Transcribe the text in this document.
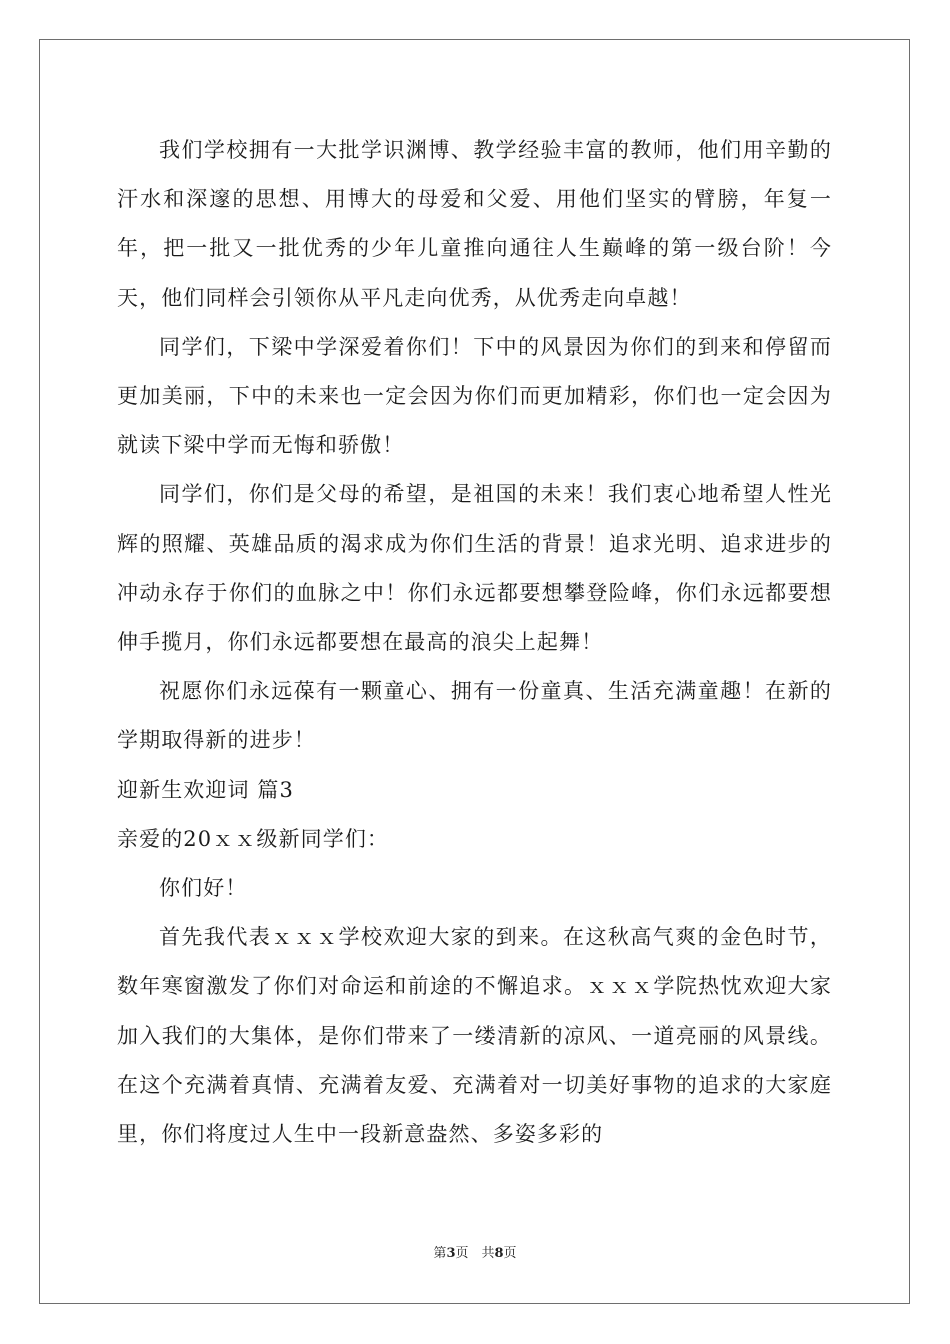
我们学校拥有一大批学识渊博、教学经验丰富的教师，他们用辛勤的汗水和深邃的思想、用博大的母爱和父爱、用他们坚实的臂膀，年复一年，把一批又一批优秀的少年儿童推向通往人生巅峰的第一级台阶！今天，他们同样会引领你从平凡走向优秀，从优秀走向卓越！

同学们，下梁中学深爱着你们！下中的风景因为你们的到来和停留而更加美丽，下中的未来也一定会因为你们而更加精彩，你们也一定会因为就读下梁中学而无悔和骄傲！

同学们，你们是父母的希望，是祖国的未来！我们衷心地希望人性光辉的照耀、英雄品质的渴求成为你们生活的背景！追求光明、追求进步的冲动永存于你们的血脉之中！你们永远都要想攀登险峰，你们永远都要想伸手揽月，你们永远都要想在最高的浪尖上起舞！

祝愿你们永远葆有一颗童心、拥有一份童真、生活充满童趣！在新的学期取得新的进步！

迎新生欢迎词 篇3

亲爱的20ｘｘ级新同学们：

你们好！

首先我代表ｘｘｘ学校欢迎大家的到来。在这秋高气爽的金色时节，数年寒窗激发了你们对命运和前途的不懈追求。ｘｘｘ学院热忱欢迎大家加入我们的大集体，是你们带来了一缕清新的凉风、一道亮丽的风景线。在这个充满着真情、充满着友爱、充满着对一切美好事物的追求的大家庭里，你们将度过人生中一段新意盎然、多姿多彩的

第3页　共8页
